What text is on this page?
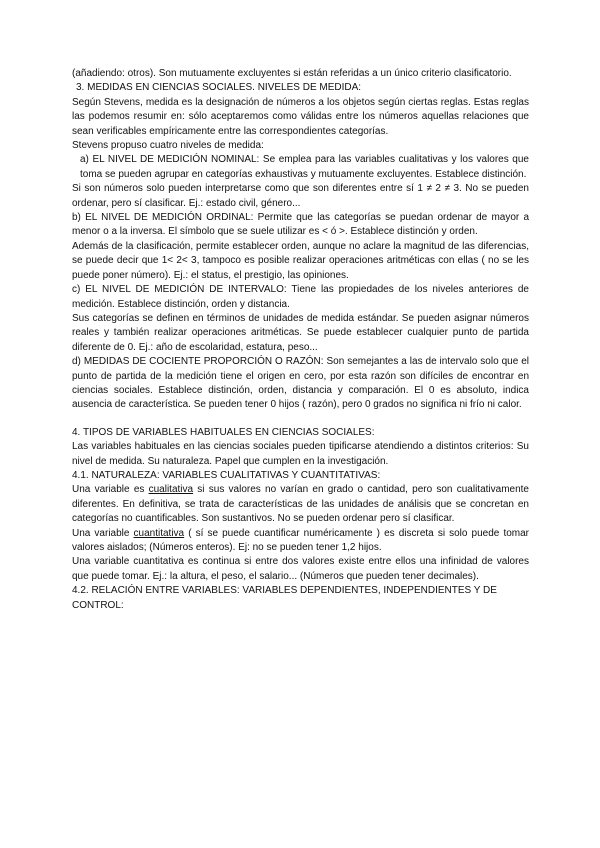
(añadiendo: otros). Son mutuamente excluyentes si están referidas a un único criterio clasificatorio.

3. MEDIDAS EN CIENCIAS SOCIALES. NIVELES DE MEDIDA:

Según Stevens, medida es la designación de números a los objetos según ciertas reglas. Estas reglas las podemos resumir en: sólo aceptaremos como válidas entre los números aquellas relaciones que sean verificables empíricamente entre las correspondientes categorías.

Stevens propuso cuatro niveles de medida:

a) EL NIVEL DE MEDICIÓN NOMINAL: Se emplea para las variables cualitativas y los valores que toma se pueden agrupar en categorías exhaustivas y mutuamente excluyentes. Establece distinción.

Si son números solo pueden interpretarse como que son diferentes entre sí 1 ≠ 2 ≠ 3. No se pueden ordenar, pero sí clasificar. Ej.: estado civil, género...

b) EL NIVEL DE MEDICIÓN ORDINAL: Permite que las categorías se puedan ordenar de mayor a menor o a la inversa. El símbolo que se suele utilizar es < ó >. Establece distinción y orden.

Además de la clasificación, permite establecer orden, aunque no aclare la magnitud de las diferencias, se puede decir que 1< 2< 3, tampoco es posible realizar operaciones aritméticas con ellas ( no se les puede poner número). Ej.: el status, el prestigio, las opiniones.

c) EL NIVEL DE MEDICIÓN DE INTERVALO: Tiene las propiedades de los niveles anteriores de medición. Establece distinción, orden y distancia.

Sus categorías se definen en términos de unidades de medida estándar. Se pueden asignar números reales y también realizar operaciones aritméticas. Se puede establecer cualquier punto de partida diferente de 0. Ej.: año de escolaridad, estatura, peso...

d) MEDIDAS DE COCIENTE PROPORCIÓN O RAZÓN: Son semejantes a las de intervalo solo que el punto de partida de la medición tiene el origen en cero, por esta razón son difíciles de encontrar en ciencias sociales. Establece distinción, orden, distancia y comparación. El 0 es absoluto, indica ausencia de característica. Se pueden tener 0 hijos ( razón), pero 0 grados no significa ni frío ni calor.

4. TIPOS DE VARIABLES HABITUALES EN CIENCIAS SOCIALES:

Las variables habituales en las ciencias sociales pueden tipificarse atendiendo a distintos criterios: Su nivel de medida. Su naturaleza. Papel que cumplen en la investigación.

4.1. NATURALEZA: VARIABLES CUALITATIVAS Y CUANTITATIVAS:

Una variable es cualitativa si sus valores no varían en grado o cantidad, pero son cualitativamente diferentes. En definitiva, se trata de características de las unidades de análisis que se concretan en categorías no cuantificables. Son sustantivos. No se pueden ordenar pero sí clasificar.

Una variable cuantitativa ( sí se puede cuantificar numéricamente ) es discreta si solo puede tomar valores aislados; (Números enteros). Ej: no se pueden tener 1,2 hijos.

Una variable cuantitativa es continua si entre dos valores existe entre ellos una infinidad de valores que puede tomar. Ej.: la altura, el peso, el salario... (Números que pueden tener decimales).

4.2. RELACIÓN ENTRE VARIABLES: VARIABLES DEPENDIENTES, INDEPENDIENTES Y DE CONTROL:
